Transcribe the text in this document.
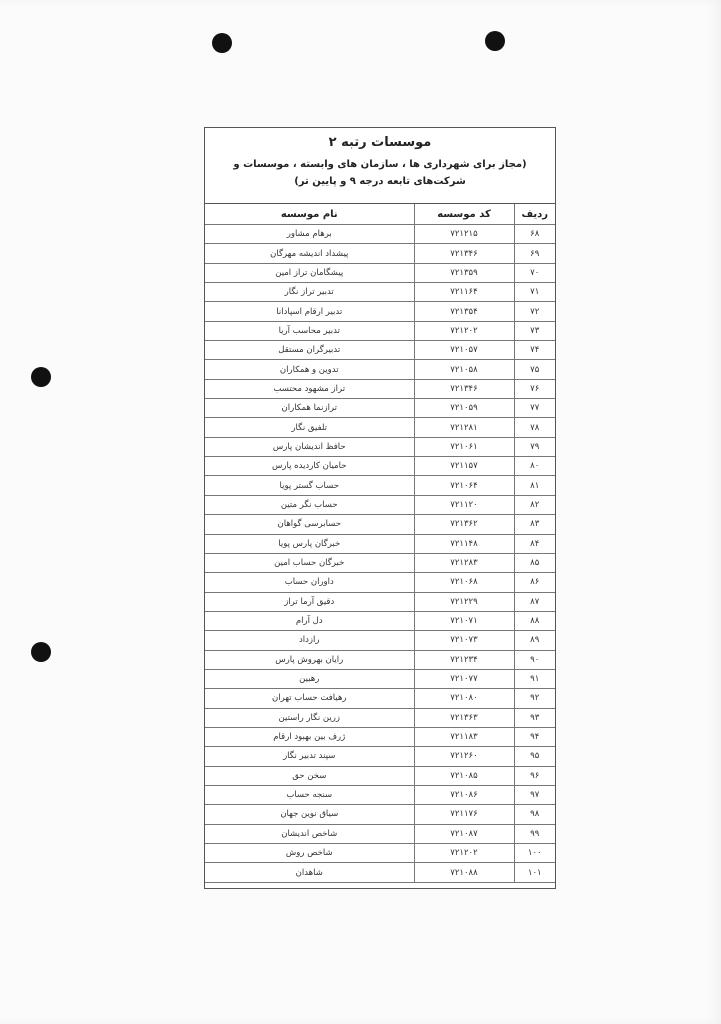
موسسات رتبه ۲
(مجاز برای شهرداری ها ، سازمان های وابسته ، موسسات و شرکت‌های تابعه درجه ۹ و پایین تر)
ردیف	کد موسسه	نام موسسه
۶۸	۷۲۱۲۱۵	برهام مشاور
۶۹	۷۲۱۳۴۶	پیشداد اندیشه مهرگان
۷۰	۷۲۱۳۵۹	پیشگامان تراز امین
۷۱	۷۲۱۱۶۴	تدبیر تراز نگار
۷۲	۷۲۱۳۵۴	تدبیر ارقام اسپادانا
۷۳	۷۲۱۲۰۲	تدبیر محاسب آریا
۷۴	۷۲۱۰۵۷	تدبیرگران مستقل
۷۵	۷۲۱۰۵۸	تدوین و همکاران
۷۶	۷۲۱۳۴۶	تراز مشهود محتسب
۷۷	۷۲۱۰۵۹	ترازنما همکاران
۷۸	۷۲۱۲۸۱	تلفیق نگار
۷۹	۷۲۱۰۶۱	حافظ اندیشان پارس
۸۰	۷۲۱۱۵۷	حامیان کاردیده پارس
۸۱	۷۲۱۰۶۴	حساب گستر پویا
۸۲	۷۲۱۱۲۰	حساب نگر متین
۸۳	۷۲۱۳۶۲	حسابرسی گواهان
۸۴	۷۲۱۱۴۸	خبرگان پارس پویا
۸۵	۷۲۱۲۸۳	خبرگان حساب امین
۸۶	۷۲۱۰۶۸	داوران حساب
۸۷	۷۲۱۲۲۹	دقیق آرما تراز
۸۸	۷۲۱۰۷۱	دل آرام
۸۹	۷۲۱۰۷۳	رازداد
۹۰	۷۲۱۲۳۴	رایان بهروش پارس
۹۱	۷۲۱۰۷۷	رهبین
۹۲	۷۲۱۰۸۰	رهیافت حساب تهران
۹۳	۷۲۱۳۶۳	زرین نگار راستین
۹۴	۷۲۱۱۸۳	ژرف بین بهبود ارقام
۹۵	۷۲۱۲۶۰	سپند تدبیر نگار
۹۶	۷۲۱۰۸۵	سخن حق
۹۷	۷۲۱۰۸۶	سنجه حساب
۹۸	۷۲۱۱۷۶	سیاق نوین جهان
۹۹	۷۲۱۰۸۷	شاخص اندیشان
۱۰۰	۷۲۱۲۰۲	شاخص روش
۱۰۱	۷۲۱۰۸۸	شاهدان
